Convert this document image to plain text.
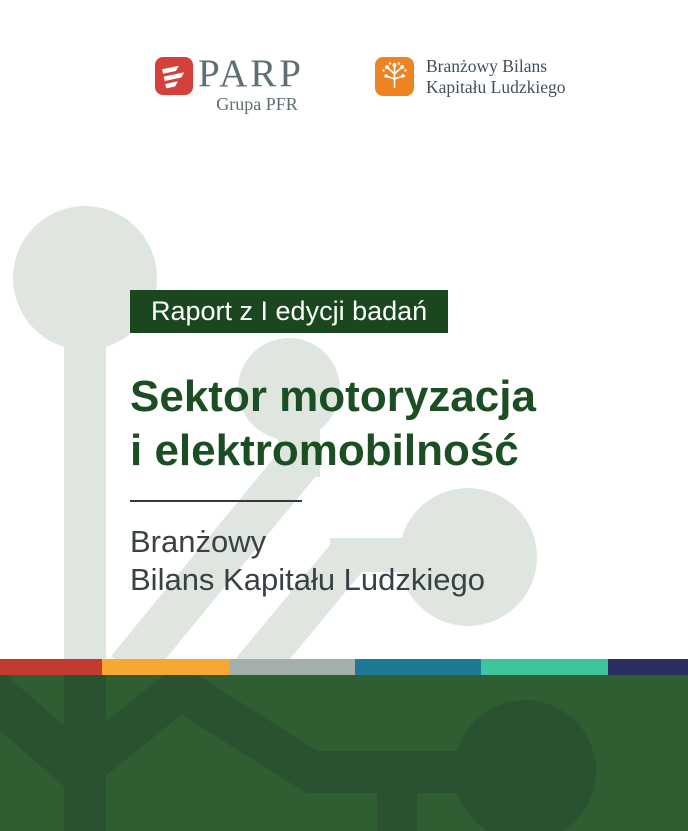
PARP
Grupa PFR
Branżowy Bilans
Kapitału Ludzkiego
Raport z I edycji badań
Sektor motoryzacja
i elektromobilność
Branżowy
Bilans Kapitału Ludzkiego
